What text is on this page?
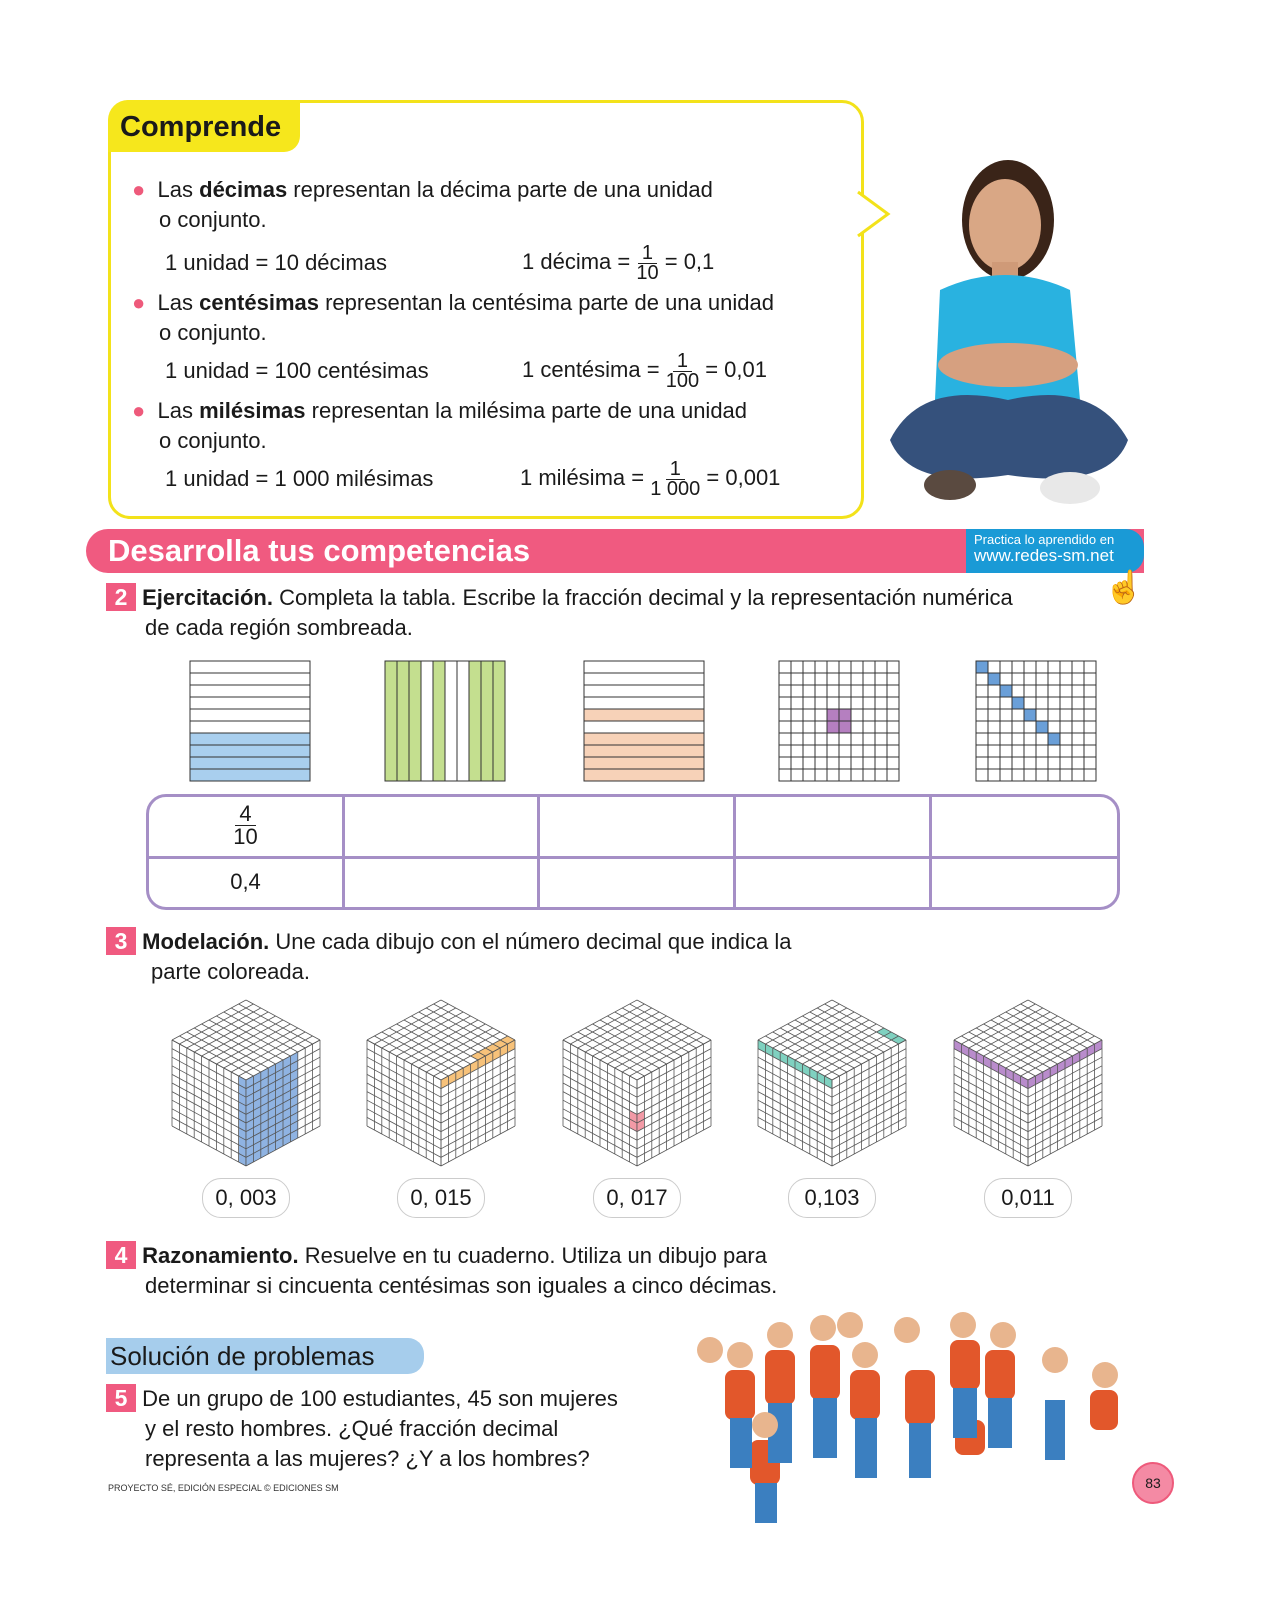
Comprende
● Las décimas representan la décima parte de una unidad
o conjunto.
1 unidad = 10 décimas	1 décima = $\frac{1}{10} = 0,1$
● Las centésimas representan la centésima parte de una unidad
o conjunto.
1 unidad = 100 centésimas	1 centésima = $\frac{1}{100} = 0,01$
● Las milésimas representan la milésima parte de una unidad
o conjunto.
1 unidad = 1 000 milésimas	1 milésima = $\frac{1}{1 000} = 0,001$
Desarrolla tus competencias	Practica lo aprendido en
www.redes-sm.net
☝
2 Ejercitación. Completa la tabla. Escribe la fracción decimal y la representación numérica
de cada región sombreada.
$\frac{4}{10}$
0,4
3 Modelación. Une cada dibujo con el número decimal que indica la
parte coloreada.
0, 003	0, 015	0, 017	0,103	0,011
4 Razonamiento. Resuelve en tu cuaderno. Utiliza un dibujo para
determinar si cincuenta centésimas son iguales a cinco décimas.
Solución de problemas
5 De un grupo de 100 estudiantes, 45 son mujeres
y el resto hombres. ¿Qué fracción decimal
representa a las mujeres? ¿Y a los hombres?
PROYECTO SÉ, EDICIÓN ESPECIAL © EDICIONES SM	83
